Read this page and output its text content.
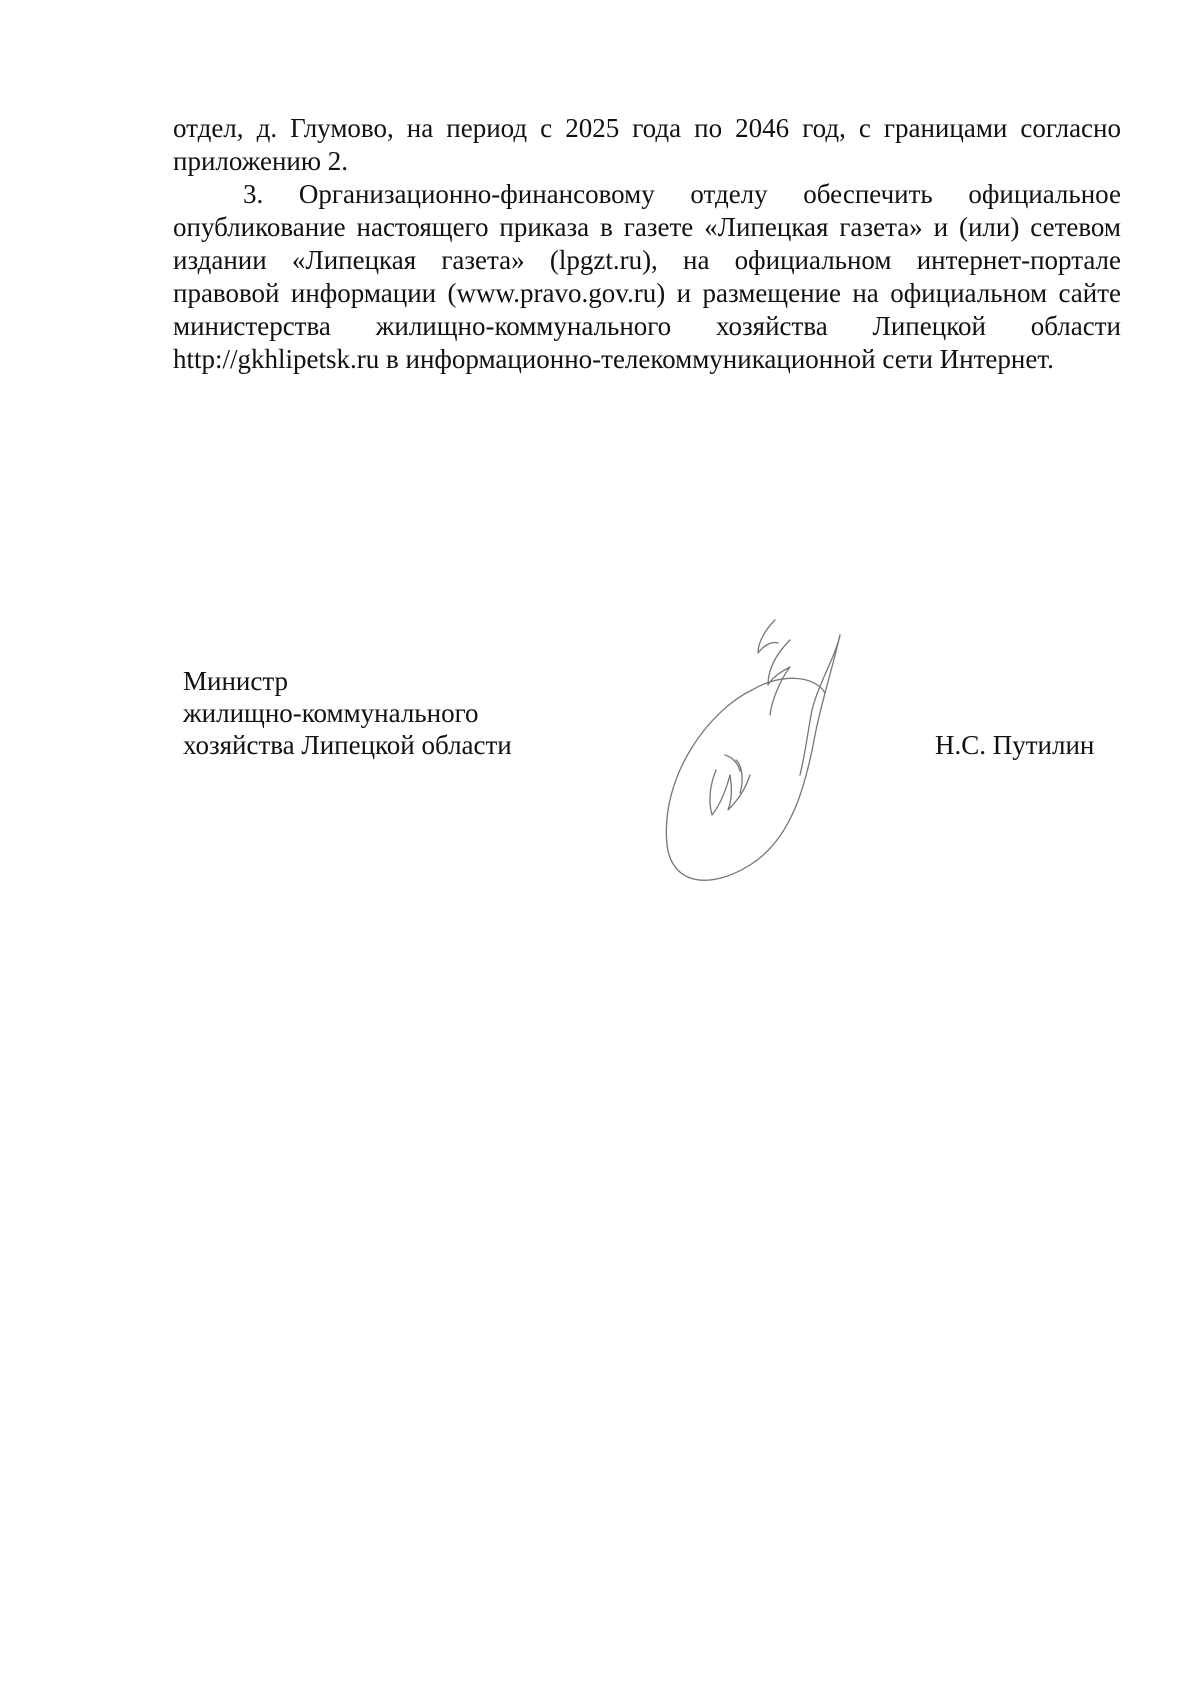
отдел, д. Глумово, на период с 2025 года по 2046 год, с границами согласно приложению 2.

3. Организационно-финансовому отделу обеспечить официальное опубликование настоящего приказа в газете «Липецкая газета» и (или) сетевом издании «Липецкая газета» (lpgzt.ru), на официальном интернет-портале правовой информации (www.pravo.gov.ru) и размещение на официальном сайте министерства жилищно-коммунального хозяйства Липецкой области http://gkhlipetsk.ru в информационно-телекоммуникационной сети Интернет.

Министр
жилищно-коммунального
хозяйства Липецкой области	Н.С. Путилин
